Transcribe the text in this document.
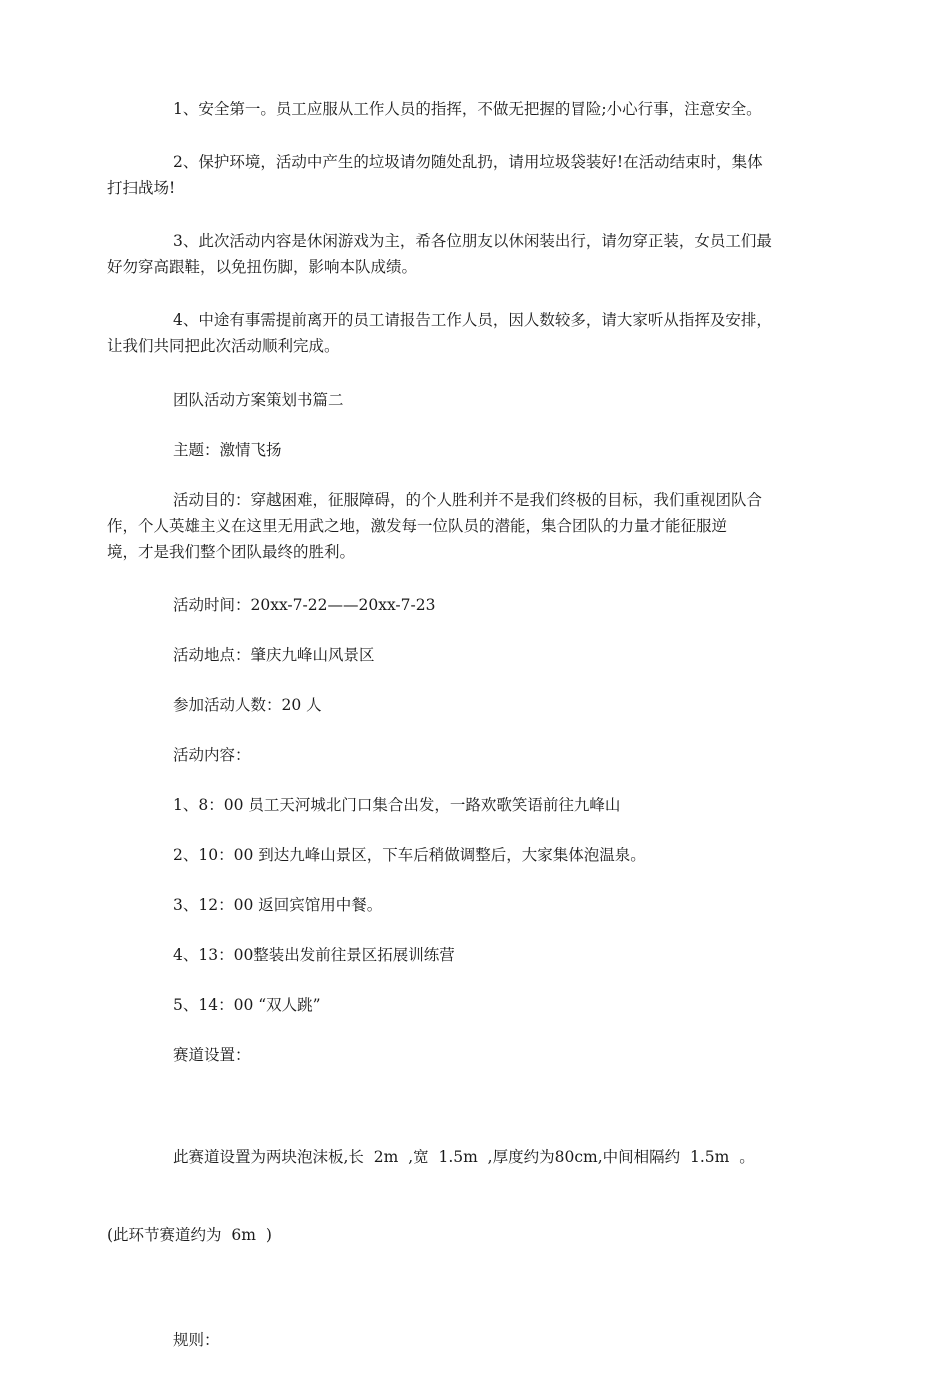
1、安全第一。员工应服从工作人员的指挥，不做无把握的冒险;小心行事，注意安全。

2、保护环境，活动中产生的垃圾请勿随处乱扔，请用垃圾袋装好!在活动结束时，集体
打扫战场!

3、此次活动内容是休闲游戏为主，希各位朋友以休闲装出行，请勿穿正装，女员工们最
好勿穿高跟鞋，以免扭伤脚，影响本队成绩。

4、中途有事需提前离开的员工请报告工作人员，因人数较多，请大家听从指挥及安排，
让我们共同把此次活动顺利完成。

团队活动方案策划书篇二

主题：激情飞扬

活动目的：穿越困难，征服障碍，的个人胜利并不是我们终极的目标，我们重视团队合
作，个人英雄主义在这里无用武之地，激发每一位队员的潜能，集合团队的力量才能征服逆
境，才是我们整个团队最终的胜利。

活动时间：20xx-7-22——20xx-7-23

活动地点：肇庆九峰山风景区

参加活动人数：20 人

活动内容：

1、8：00 员工天河城北门口集合出发，一路欢歌笑语前往九峰山

2、10：00 到达九峰山景区，下车后稍做调整后，大家集体泡温泉。

3、12：00 返回宾馆用中餐。

4、13：00整装出发前往景区拓展训练营

5、14：00 “双人跳”

赛道设置：

此赛道设置为两块泡沫板,长  2m  ,宽  1.5m  ,厚度约为80cm,中间相隔约  1.5m  。

(此环节赛道约为  6m  )

规则：
